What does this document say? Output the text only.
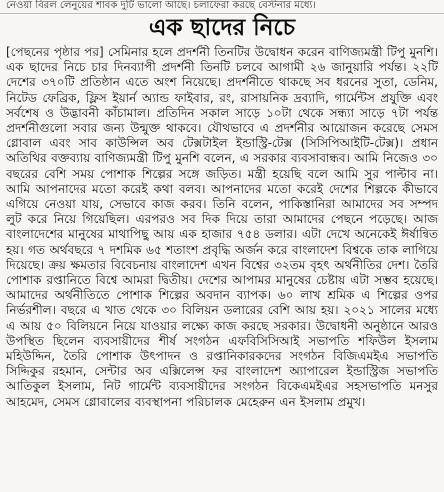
নেওয়া বিরল লেনুয়ের শাবক দুটি ভালো আছে। চলাফেরা করছে বেস্টনার মধ্যে।
এক ছাদের নিচে

[পেছনের পৃষ্ঠার পর] সেমিনার হলে প্রদর্শনী তিনটির উদ্বোধন করেন বাণিজ্যমন্ত্রী টিপু মুনশি। এক ছাদের নিচে চার দিনব্যাপী প্রদর্শনী তিনটি চলবে আগামী ২৬ জানুয়ারি পর্যন্ত। ২২টি দেশের ৩৭০টি প্রতিষ্ঠান এতে অংশ নিয়েছে। প্রদর্শনীতে থাকছে সব ধরনের সুতা, ডেনিম, নিটেড ফেব্রিক, ফ্লিস ইয়ার্ন অ্যান্ড ফাইবার, রং, রাসায়নিক দ্রব্যাদি, গার্মেন্টস প্রযুক্তি এবং সর্বশেষ ও উদ্ভাবনী কাঁচামাল। প্রতিদিন সকাল সাড়ে ১০টা থেকে সন্ধ্যা সাড়ে ৭টা পর্যন্ত প্রদর্শনীগুলো সবার জন্য উন্মুক্ত থাকবে। যৌথভাবে এ প্রদর্শনীর আয়োজন করেছে সেমস গ্লোবাল এবং সাব কাউন্সিল অব টেক্সটাইল ইন্ডাস্ট্রি-টেক্স (সিসিপিআইটি-টেক্স)। প্রধান অতিথির বক্তব্যায় বাণিজ্যমন্ত্রী টিপু মুনশি বলেন, এ সরকার ব্যবসাবান্ধব। আমি নিজেও ৩০ বছরের বেশি সময় পোশাক শিল্পের সঙ্গে জড়িত। মন্ত্রী হয়েছি বলে আমি সুর পাল্টাব না। আমি আপনাদের মতো করেই কথা বলব। আপনাদের মতো করেই দেশের শিল্পকে কীভাবে এগিয়ে নেওয়া যায়, সেভাবে কাজ করব। তিনি বলেন, পাকিস্তানিরা আমাদের সব সম্পদ লুট করে নিয়ে গিয়েছিল। এরপরও সব দিক দিয়ে তারা আমাদের পেছনে পড়েছে। আজ বাংলাদেশের মানুষের মাথাপিছু আয় এক হাজার ৭৫৪ ডলার। এটা দেখে অনেকেই ঈর্ষান্বিত হয়। গত অর্থবছরে ৭ দশমিক ৬৫ শতাংশ প্রবৃদ্ধি অর্জন করে বাংলাদেশ বিশ্বকে তাক লাগিয়ে দিয়েছে। ক্রয় ক্ষমতার বিবেচনায় বাংলাদেশ এখন বিশ্বের ৩২তম বৃহৎ অর্থনীতির দেশ। তৈরি পোশাক রপ্তানিতে বিশ্বে আমরা দ্বিতীয়। দেশের আপামর মানুষের চেষ্টায় এটা সম্ভব হয়েছে। আমাদের অর্থনীতিতে পোশাক শিল্পের অবদান ব্যাপক। ৬০ লাখ শ্রমিক এ শিল্পের ওপর নির্ভরশীল। বছরে এ খাত থেকে ৩০ বিলিয়ন ডলারের বেশি আয় হয়। ২০২১ সালের মধ্যে এ আয় ৫০ বিলিয়নে নিয়ে যাওয়ার লক্ষ্যে কাজ করছে সরকার। উদ্বোধনী অনুষ্ঠানে আরও উপস্থিত ছিলেন ব্যবসায়ীদের শীর্ষ সংগঠন এফবিসিসিআই সভাপতি শফিউল ইসলাম মহিউদ্দিন, তৈরি পোশাক উৎপাদন ও রপ্তানিকারকদের সংগঠন বিজিএমইএ সভাপতি সিদ্দিকুর রহমান, সেন্টার অব এক্সিলেন্স ফর বাংলাদেশ অ্যাপারেল ইন্ডাস্ট্রিজ সভাপতি আতিকুল ইসলাম, নিট গার্মেন্ট ব্যবসায়ীদের সংগঠন বিকেএমইএর সহসভাপতি মনসুর আহমেদ, সেমস গ্লোবালের ব্যবস্থাপনা পরিচালক মেহেরুন এন ইসলাম প্রমুখ।
